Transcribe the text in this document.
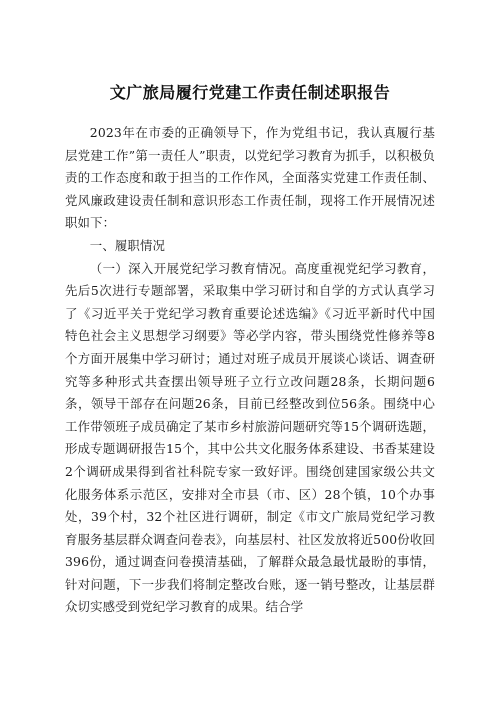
文广旅局履行党建工作责任制述职报告

2023年在市委的正确领导下，作为党组书记，我认真履行基层党建工作”第一责任人”职责，以党纪学习教育为抓手，以积极负责的工作态度和敢于担当的工作作风，全面落实党建工作责任制、党风廉政建设责任制和意识形态工作责任制，现将工作开展情况述职如下：

一、履职情况

（一）深入开展党纪学习教育情况。高度重视党纪学习教育，先后5次进行专题部署，采取集中学习研讨和自学的方式认真学习了《习近平关于党纪学习教育重要论述选编》《习近平新时代中国特色社会主义思想学习纲要》等必学内容，带头围绕党性修养等8个方面开展集中学习研讨；通过对班子成员开展谈心谈话、调查研究等多种形式共查摆出领导班子立行立改问题28条，长期问题6条，领导干部存在问题26条，目前已经整改到位56条。围绕中心工作带领班子成员确定了某市乡村旅游问题研究等15个调研选题，形成专题调研报告15个，其中公共文化服务体系建设、书香某建设2个调研成果得到省社科院专家一致好评。围绕创建国家级公共文化服务体系示范区，安排对全市县（市、区）28个镇，10个办事处，39个村，32个社区进行调研，制定《市文广旅局党纪学习教育服务基层群众调查问卷表》，向基层村、社区发放将近500份收回396份，通过调查问卷摸清基础，了解群众最急最忧最盼的事情，针对问题，下一步我们将制定整改台账，逐一销号整改，让基层群众切实感受到党纪学习教育的成果。结合学
